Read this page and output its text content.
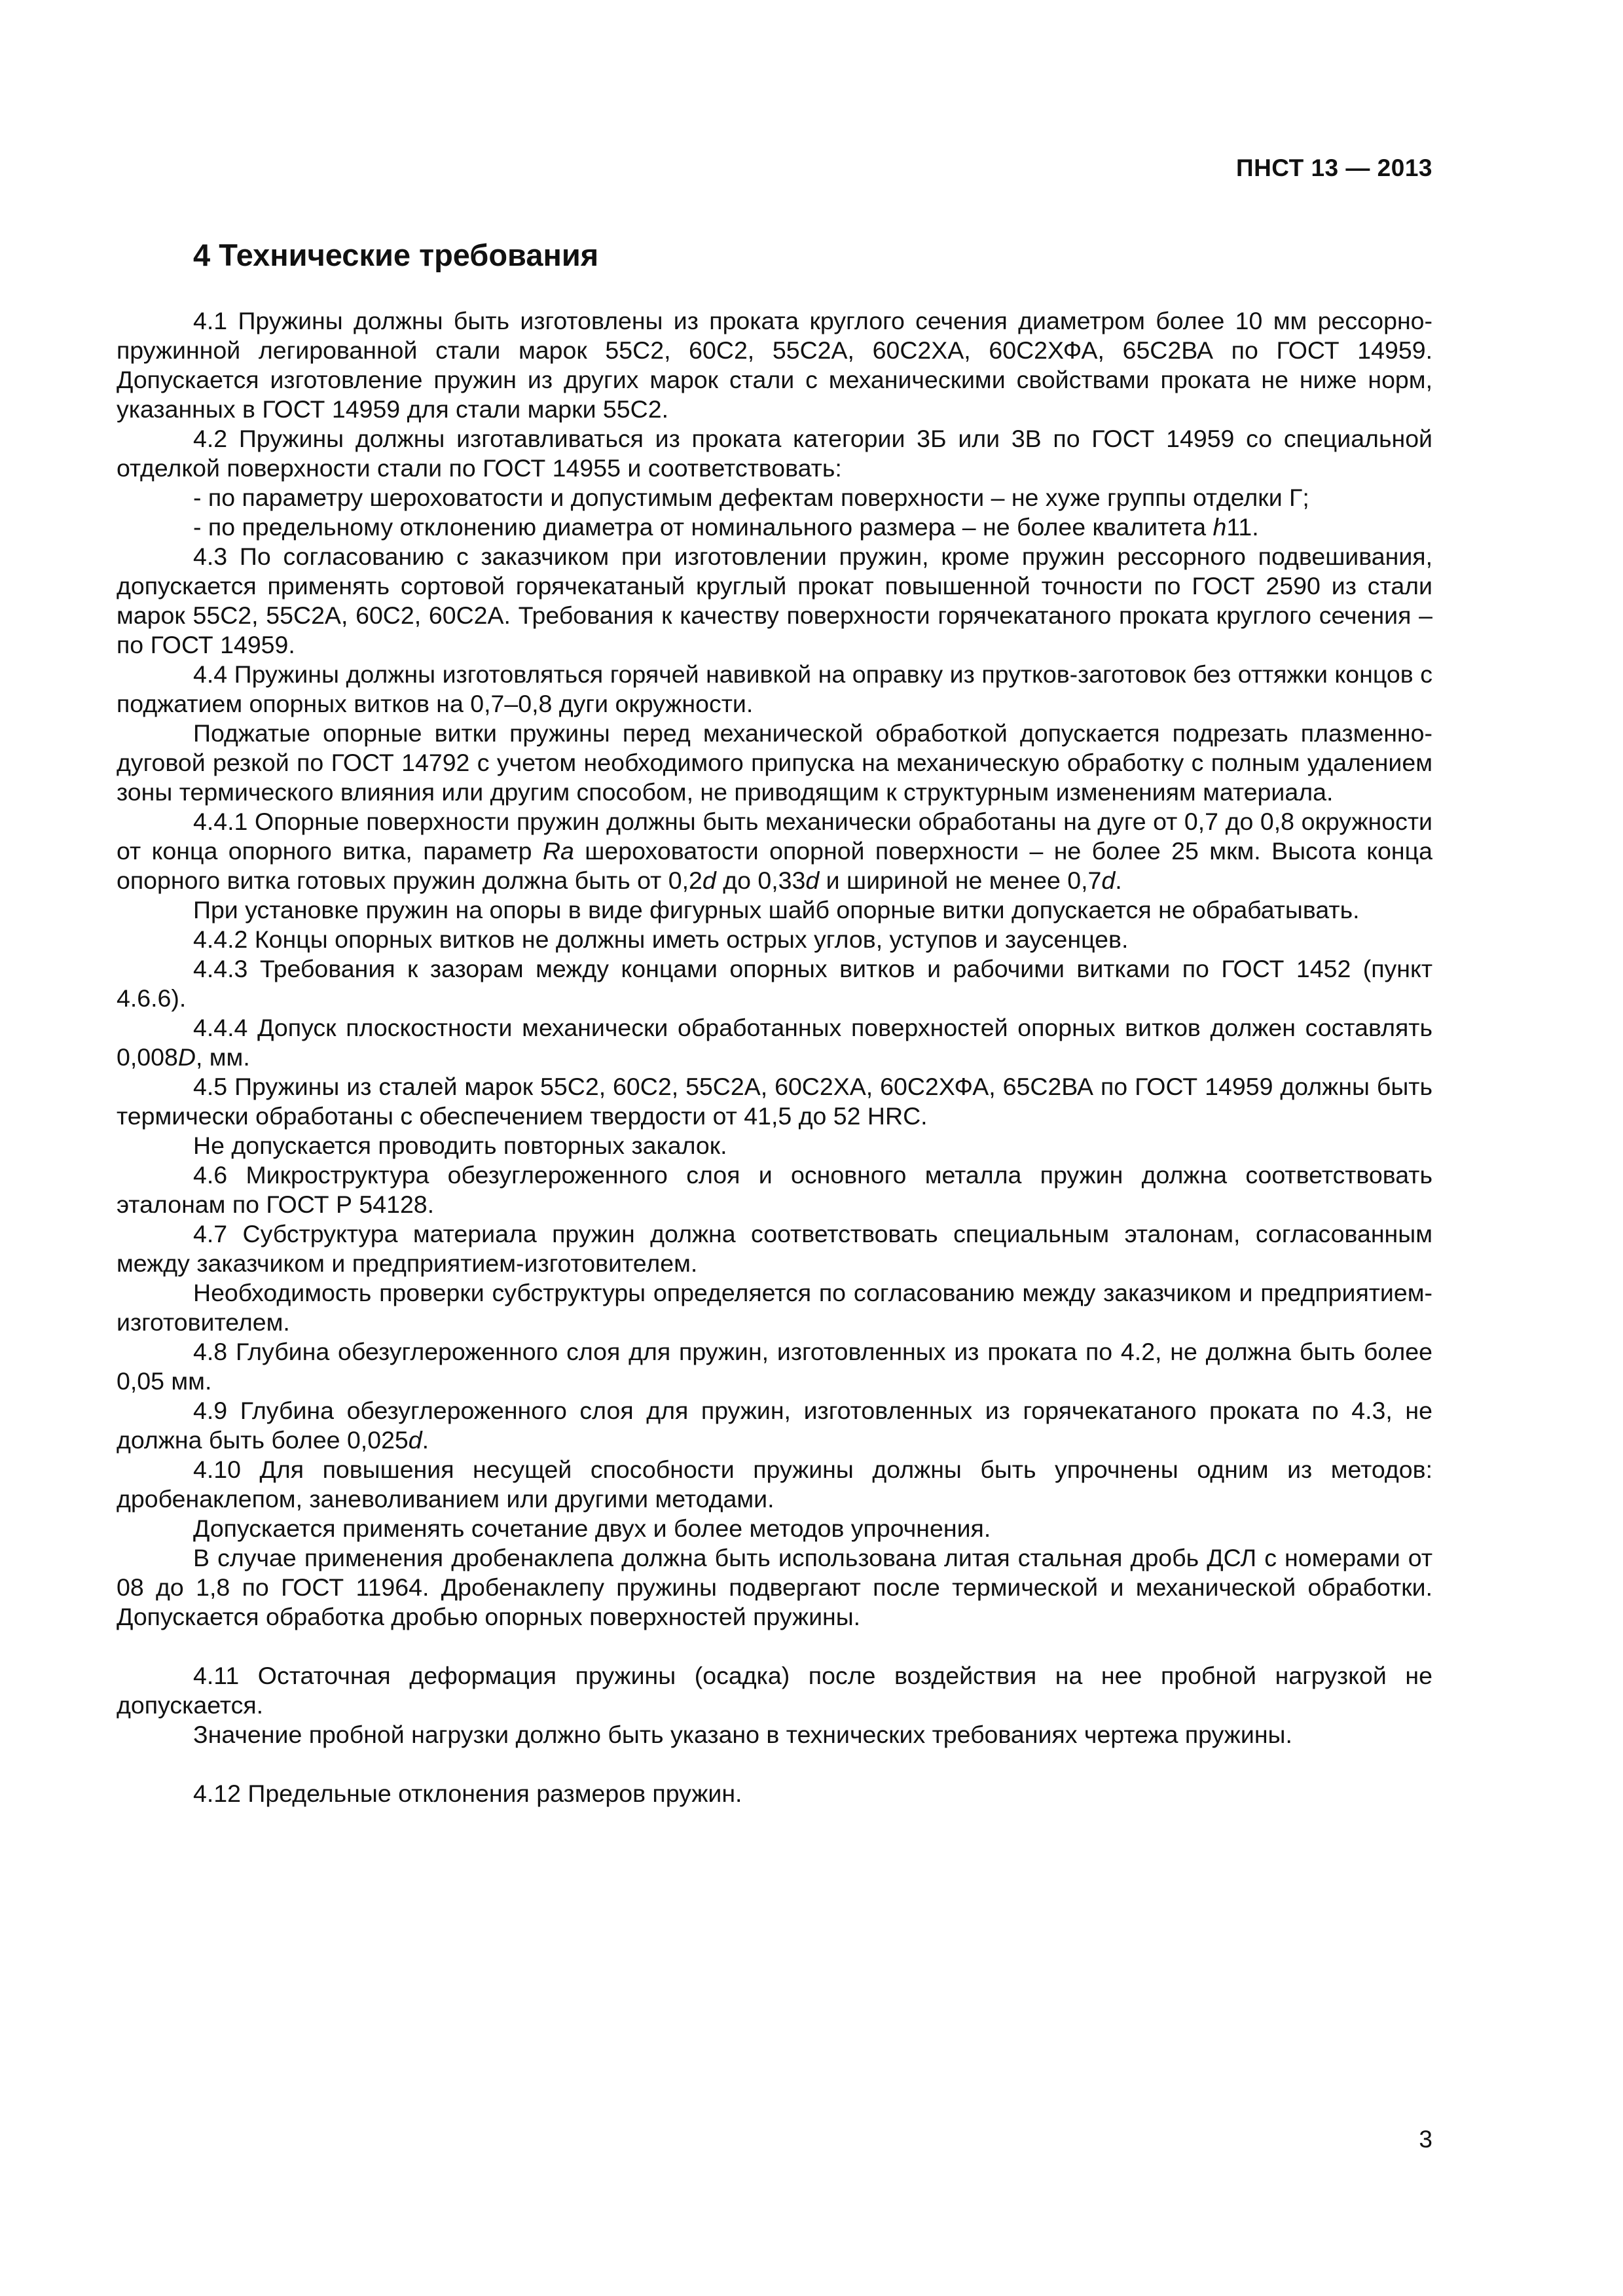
ПНСТ 13 — 2013
4 Технические требования

4.1 Пружины должны быть изготовлены из проката круглого сечения диаметром более 10 мм рессорно-пружинной легированной стали марок 55С2, 60С2, 55С2А, 60С2ХА, 60С2ХФА, 65С2ВА по ГОСТ 14959. Допускается изготовление пружин из других марок стали с механическими свойствами проката не ниже норм, указанных в ГОСТ 14959 для стали марки 55С2.

4.2 Пружины должны изготавливаться из проката категории 3Б или 3В по ГОСТ 14959 со специальной отделкой поверхности стали по ГОСТ 14955 и соответствовать:

- по параметру шероховатости и допустимым дефектам поверхности – не хуже группы отделки Г;

- по предельному отклонению диаметра от номинального размера – не более квалитета h11.

4.3 По согласованию с заказчиком при изготовлении пружин, кроме пружин рессорного подвешивания, допускается применять сортовой горячекатаный круглый прокат повышенной точности по ГОСТ 2590 из стали марок 55С2, 55С2А, 60С2, 60С2А. Требования к качеству поверхности горячекатаного проката круглого сечения – по ГОСТ 14959.

4.4 Пружины должны изготовляться горячей навивкой на оправку из прутков-заготовок без оттяжки концов с поджатием опорных витков на 0,7–0,8 дуги окружности.

Поджатые опорные витки пружины перед механической обработкой допускается подрезать плазменно-дуговой резкой по ГОСТ 14792 с учетом необходимого припуска на механическую обработку с полным удалением зоны термического влияния или другим способом, не приводящим к структурным изменениям материала.

4.4.1 Опорные поверхности пружин должны быть механически обработаны на дуге от 0,7 до 0,8 окружности от конца опорного витка, параметр Ra шероховатости опорной поверхности – не более 25 мкм. Высота конца опорного витка готовых пружин должна быть от 0,2d до 0,33d и шириной не менее 0,7d.

При установке пружин на опоры в виде фигурных шайб опорные витки допускается не обрабатывать.

4.4.2 Концы опорных витков не должны иметь острых углов, уступов и заусенцев.

4.4.3 Требования к зазорам между концами опорных витков и рабочими витками по ГОСТ 1452 (пункт 4.6.6).

4.4.4 Допуск плоскостности механически обработанных поверхностей опорных витков должен составлять 0,008D, мм.

4.5 Пружины из сталей марок 55С2, 60С2, 55С2А, 60С2ХА, 60С2ХФА, 65С2ВА по ГОСТ 14959 должны быть термически обработаны с обеспечением твердости от 41,5 до 52 HRC.

Не допускается проводить повторных закалок.

4.6 Микроструктура обезуглероженного слоя и основного металла пружин должна соответствовать эталонам по ГОСТ Р 54128.

4.7 Субструктура материала пружин должна соответствовать специальным эталонам, согласованным между заказчиком и предприятием-изготовителем.

Необходимость проверки субструктуры определяется по согласованию между заказчиком и предприятием-изготовителем.

4.8 Глубина обезуглероженного слоя для пружин, изготовленных из проката по 4.2, не должна быть более 0,05 мм.

4.9 Глубина обезуглероженного слоя для пружин, изготовленных из горячекатаного проката по 4.3, не должна быть более 0,025d.

4.10 Для повышения несущей способности пружины должны быть упрочнены одним из методов: дробенаклепом, заневоливанием или другими методами.

Допускается применять сочетание двух и более методов упрочнения.

В случае применения дробенаклепа должна быть использована литая стальная дробь ДСЛ с номерами от 08 до 1,8 по ГОСТ 11964. Дробенаклепу пружины подвергают после термической и механической обработки. Допускается обработка дробью опорных поверхностей пружины.

4.11 Остаточная деформация пружины (осадка) после воздействия на нее пробной нагрузкой не допускается.

Значение пробной нагрузки должно быть указано в технических требованиях чертежа пружины.

4.12 Предельные отклонения размеров пружин.

3
